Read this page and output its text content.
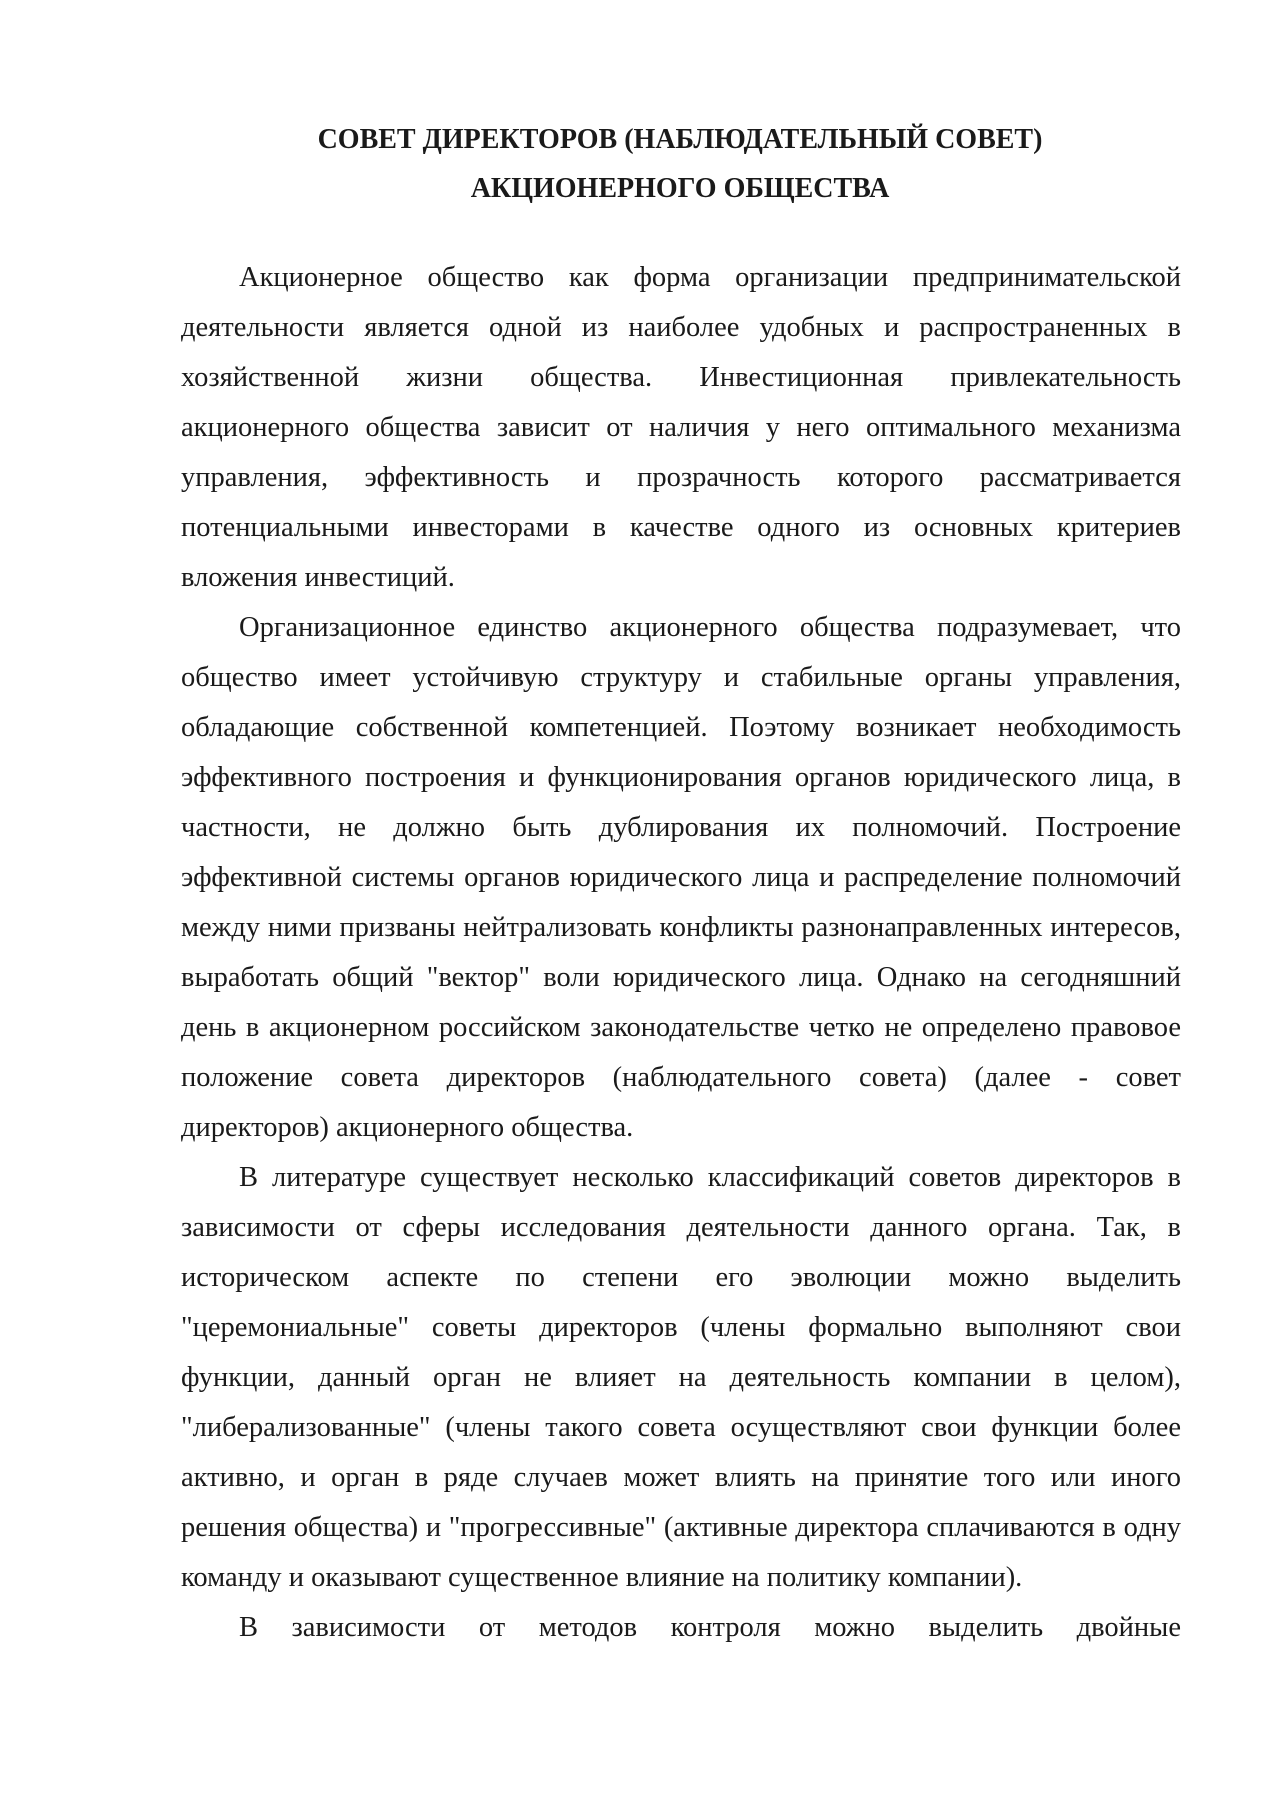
СОВЕТ ДИРЕКТОРОВ (НАБЛЮДАТЕЛЬНЫЙ СОВЕТ)
АКЦИОНЕРНОГО ОБЩЕСТВА

Акционерное общество как форма организации предпринимательской деятельности является одной из наиболее удобных и распространенных в хозяйственной жизни общества. Инвестиционная привлекательность акционерного общества зависит от наличия у него оптимального механизма управления, эффективность и прозрачность которого рассматривается потенциальными инвесторами в качестве одного из основных критериев вложения инвестиций.

Организационное единство акционерного общества подразумевает, что общество имеет устойчивую структуру и стабильные органы управления, обладающие собственной компетенцией. Поэтому возникает необходимость эффективного построения и функционирования органов юридического лица, в частности, не должно быть дублирования их полномочий. Построение эффективной системы органов юридического лица и распределение полномочий между ними призваны нейтрализовать конфликты разнонаправленных интересов, выработать общий "вектор" воли юридического лица. Однако на сегодняшний день в акционерном российском законодательстве четко не определено правовое положение совета директоров (наблюдательного совета) (далее - совет директоров) акционерного общества.

В литературе существует несколько классификаций советов директоров в зависимости от сферы исследования деятельности данного органа. Так, в историческом аспекте по степени его эволюции можно выделить "церемониальные" советы директоров (члены формально выполняют свои функции, данный орган не влияет на деятельность компании в целом), "либерализованные" (члены такого совета осуществляют свои функции более активно, и орган в ряде случаев может влиять на принятие того или иного решения общества) и "прогрессивные" (активные директора сплачиваются в одну команду и оказывают существенное влияние на политику компании).

В зависимости от методов контроля можно выделить двойные
